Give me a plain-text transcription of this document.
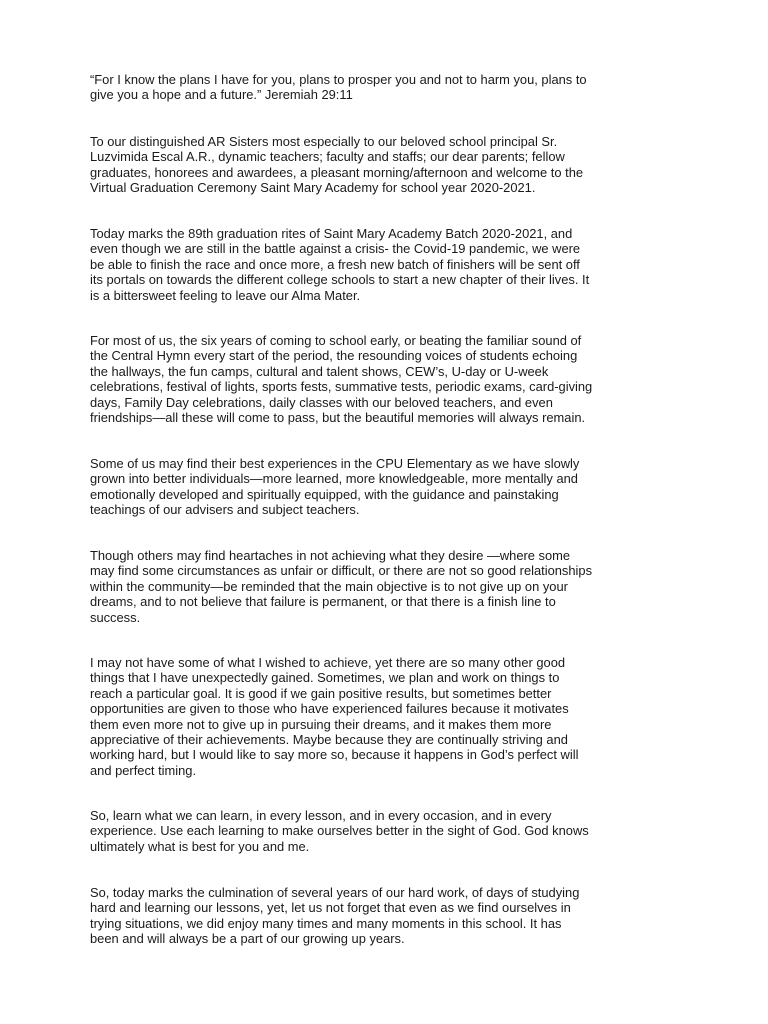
“For I know the plans I have for you, plans to prosper you and not to harm you, plans to
give you a hope and a future.” Jeremiah 29:11

To our distinguished AR Sisters most especially to our beloved school principal Sr.
Luzvimida Escal A.R., dynamic teachers; faculty and staffs; our dear parents; fellow
graduates, honorees and awardees, a pleasant morning/afternoon and welcome to the
Virtual Graduation Ceremony Saint Mary Academy for school year 2020-2021.

Today marks the 89th graduation rites of Saint Mary Academy Batch 2020-2021, and
even though we are still in the battle against a crisis- the Covid-19 pandemic, we were
be able to finish the race and once more, a fresh new batch of finishers will be sent off
its portals on towards the different college schools to start a new chapter of their lives. It
is a bittersweet feeling to leave our Alma Mater.

For most of us, the six years of coming to school early, or beating the familiar sound of
the Central Hymn every start of the period, the resounding voices of students echoing
the hallways, the fun camps, cultural and talent shows, CEW’s, U-day or U-week
celebrations, festival of lights, sports fests, summative tests, periodic exams, card-giving
days, Family Day celebrations, daily classes with our beloved teachers, and even
friendships—all these will come to pass, but the beautiful memories will always remain.

Some of us may find their best experiences in the CPU Elementary as we have slowly
grown into better individuals—more learned, more knowledgeable, more mentally and
emotionally developed and spiritually equipped, with the guidance and painstaking
teachings of our advisers and subject teachers.

Though others may find heartaches in not achieving what they desire —where some
may find some circumstances as unfair or difficult, or there are not so good relationships
within the community—be reminded that the main objective is to not give up on your
dreams, and to not believe that failure is permanent, or that there is a finish line to
success.

I may not have some of what I wished to achieve, yet there are so many other good
things that I have unexpectedly gained. Sometimes, we plan and work on things to
reach a particular goal. It is good if we gain positive results, but sometimes better
opportunities are given to those who have experienced failures because it motivates
them even more not to give up in pursuing their dreams, and it makes them more
appreciative of their achievements. Maybe because they are continually striving and
working hard, but I would like to say more so, because it happens in God’s perfect will
and perfect timing.

So, learn what we can learn, in every lesson, and in every occasion, and in every
experience. Use each learning to make ourselves better in the sight of God. God knows
ultimately what is best for you and me.

So, today marks the culmination of several years of our hard work, of days of studying
hard and learning our lessons, yet, let us not forget that even as we find ourselves in
trying situations, we did enjoy many times and many moments in this school. It has
been and will always be a part of our growing up years.
